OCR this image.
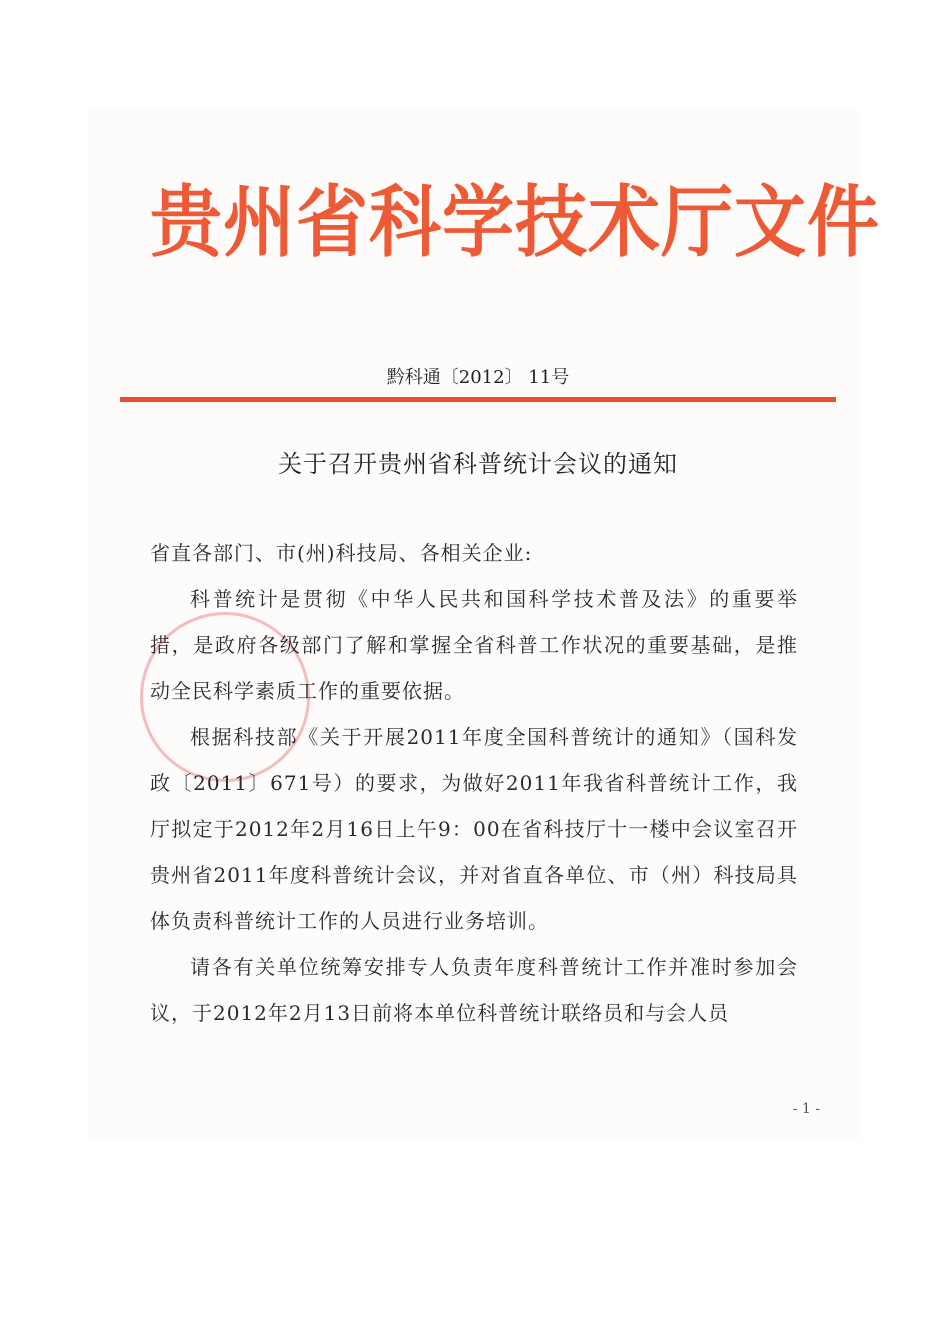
贵州省科学技术厅文件
黔科通〔2012〕 11号
关于召开贵州省科普统计会议的通知

省直各部门、市(州)科技局、各相关企业:

科普统计是贯彻《中华人民共和国科学技术普及法》的重要举措，是政府各级部门了解和掌握全省科普工作状况的重要基础，是推动全民科学素质工作的重要依据。

根据科技部《关于开展2011年度全国科普统计的通知》（国科发政〔2011〕671号）的要求，为做好2011年我省科普统计工作，我厅拟定于2012年2月16日上午9：00在省科技厅十一楼中会议室召开贵州省2011年度科普统计会议，并对省直各单位、市（州）科技局具体负责科普统计工作的人员进行业务培训。

请各有关单位统筹安排专人负责年度科普统计工作并准时参加会议，于2012年2月13日前将本单位科普统计联络员和与会人员

- 1 -
